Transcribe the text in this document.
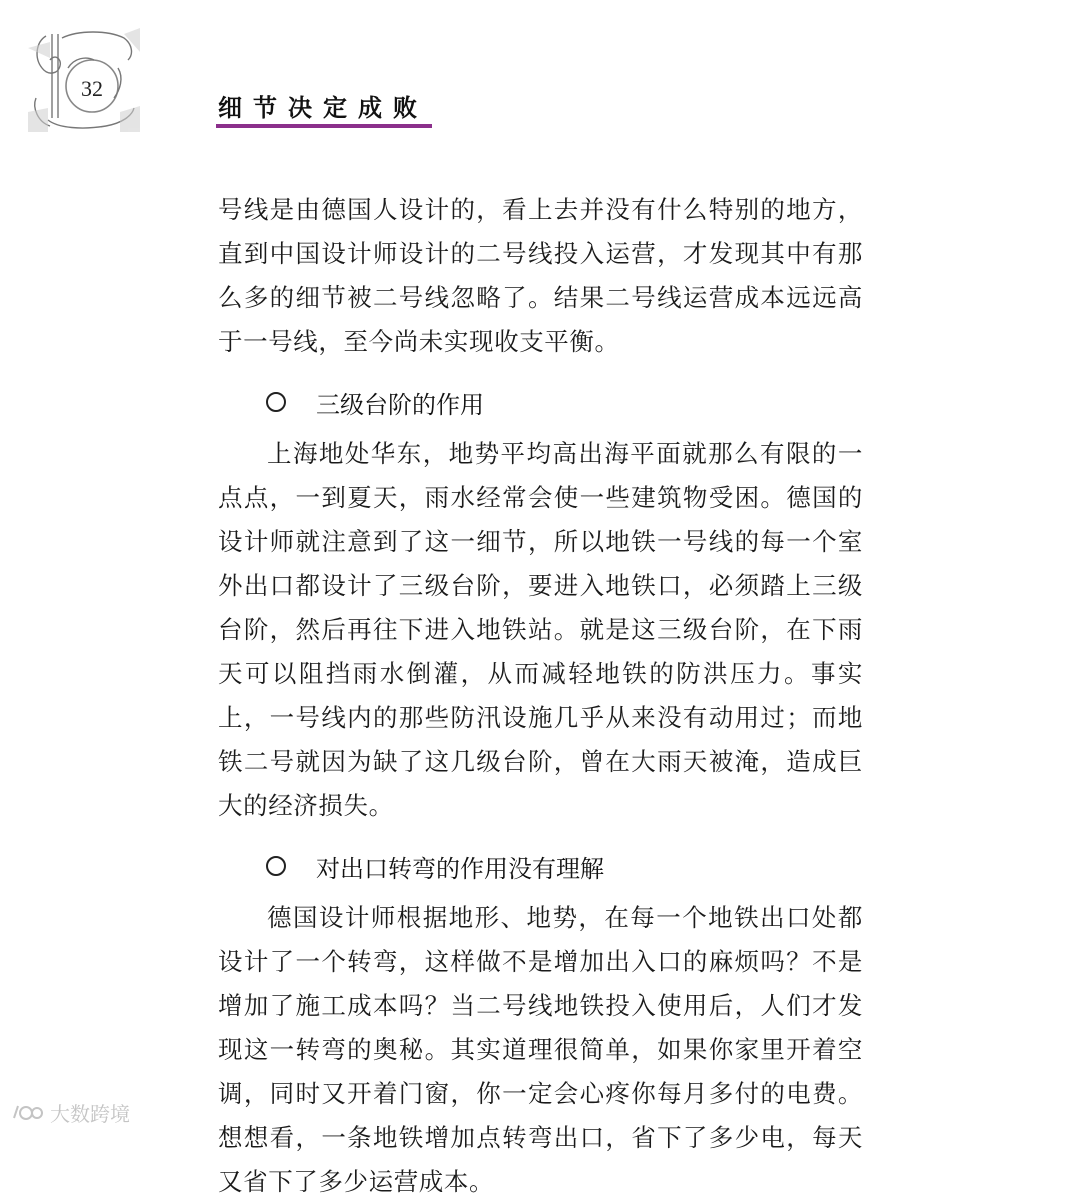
32
细节决定成败

号线是由德国人设计的，看上去并没有什么特别的地方，直到中国设计师设计的二号线投入运营，才发现其中有那么多的细节被二号线忽略了。结果二号线运营成本远远高于一号线，至今尚未实现收支平衡。

三级台阶的作用

上海地处华东，地势平均高出海平面就那么有限的一点点，一到夏天，雨水经常会使一些建筑物受困。德国的设计师就注意到了这一细节，所以地铁一号线的每一个室外出口都设计了三级台阶，要进入地铁口，必须踏上三级台阶，然后再往下进入地铁站。就是这三级台阶，在下雨天可以阻挡雨水倒灌，从而减轻地铁的防洪压力。事实上，一号线内的那些防汛设施几乎从来没有动用过；而地铁二号就因为缺了这几级台阶，曾在大雨天被淹，造成巨大的经济损失。

对出口转弯的作用没有理解

德国设计师根据地形、地势，在每一个地铁出口处都设计了一个转弯，这样做不是增加出入口的麻烦吗？不是增加了施工成本吗？当二号线地铁投入使用后，人们才发现这一转弯的奥秘。其实道理很简单，如果你家里开着空调，同时又开着门窗，你一定会心疼你每月多付的电费。想想看，一条地铁增加点转弯出口，省下了多少电，每天又省下了多少运营成本。

大数跨境
